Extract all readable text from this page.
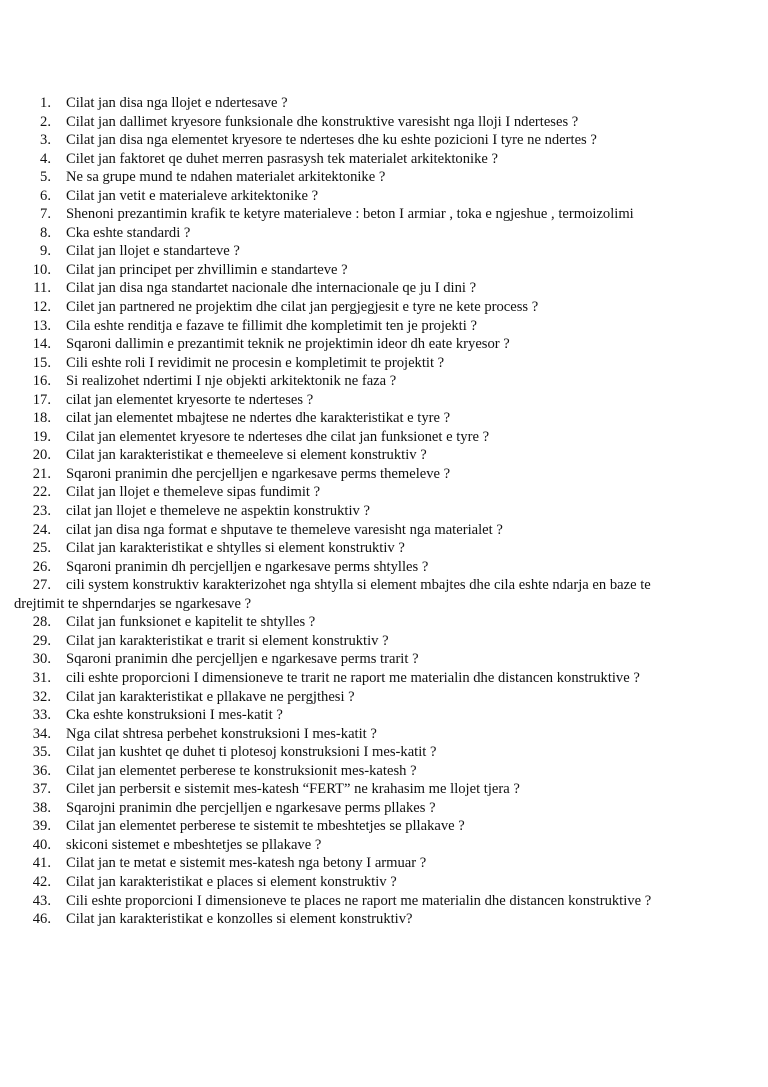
1. Cilat jan disa nga llojet e ndertesave ?
2. Cilat jan dallimet kryesore funksionale dhe konstruktive varesisht nga lloji I nderteses ?
3. Cilat jan disa nga elementet kryesore te nderteses dhe ku eshte pozicioni I tyre ne ndertes ?
4. Cilet jan faktoret qe duhet merren pasrasysh tek materialet arkitektonike ?
5. Ne sa grupe mund te ndahen materialet arkitektonike ?
6. Cilat jan vetit e materialeve arkitektonike ?
7. Shenoni prezantimin krafik te ketyre materialeve : beton I armiar , toka e ngjeshue , termoizolimi
8. Cka eshte standardi ?
9. Cilat jan llojet e standarteve ?
10. Cilat jan principet per zhvillimin e standarteve ?
11. Cilat jan disa nga standartet nacionale dhe internacionale qe ju I dini ?
12. Cilet jan partnered ne projektim dhe cilat jan pergjegjesit e tyre ne kete process ?
13. Cila eshte renditja e fazave te fillimit dhe kompletimit ten je projekti ?
14. Sqaroni dallimin e prezantimit teknik ne projektimin ideor dh eate kryesor ?
15. Cili eshte roli I revidimit ne procesin e kompletimit te projektit ?
16. Si realizohet ndertimi I nje objekti arkitektonik ne faza ?
17. cilat jan elementet kryesorte te nderteses ?
18. cilat jan elementet mbajtese ne ndertes dhe karakteristikat e tyre ?
19. Cilat jan elementet kryesore te nderteses dhe cilat jan funksionet e tyre ?
20. Cilat jan karakteristikat e themeeleve si element konstruktiv ?
21. Sqaroni pranimin dhe percjelljen e ngarkesave perms themeleve ?
22. Cilat jan llojet e themeleve sipas fundimit ?
23. cilat jan llojet e themeleve ne aspektin konstruktiv ?
24. cilat jan disa nga format e shputave te themeleve varesisht nga materialet ?
25. Cilat jan karakteristikat e shtylles si element konstruktiv ?
26. Sqaroni pranimin dh percjelljen e ngarkesave perms shtylles ?
27. cili system konstruktiv karakterizohet nga shtylla si element mbajtes dhe cila eshte ndarja en baze te
drejtimit te shperndarjes se ngarkesave ?
28. Cilat jan funksionet e kapitelit te shtylles ?
29. Cilat jan karakteristikat e trarit si element konstruktiv ?
30. Sqaroni pranimin dhe percjelljen e ngarkesave perms trarit ?
31. cili eshte proporcioni I dimensioneve te trarit ne raport me materialin dhe distancen konstruktive ?
32. Cilat jan karakteristikat e pllakave ne pergjthesi ?
33. Cka eshte konstruksioni I mes-katit ?
34. Nga cilat shtresa perbehet konstruksioni I mes-katit ?
35. Cilat jan kushtet qe duhet ti plotesoj konstruksioni I mes-katit ?
36. Cilat jan elementet perberese te konstruksionit mes-katesh ?
37. Cilet jan perbersit e sistemit mes-katesh “FERT” ne krahasim me llojet tjera ?
38. Sqarojni pranimin dhe percjelljen e ngarkesave perms pllakes ?
39. Cilat jan elementet perberese te sistemit te mbeshtetjes se pllakave ?
40. skiconi sistemet e mbeshtetjes se pllakave ?
41. Cilat jan te metat e sistemit mes-katesh nga betony I armuar ?
42. Cilat jan karakteristikat e places si element konstruktiv ?
43. Cili eshte proporcioni I dimensioneve te places ne raport me materialin dhe distancen konstruktive ?
46. Cilat jan karakteristikat e konzolles si element konstruktiv?
